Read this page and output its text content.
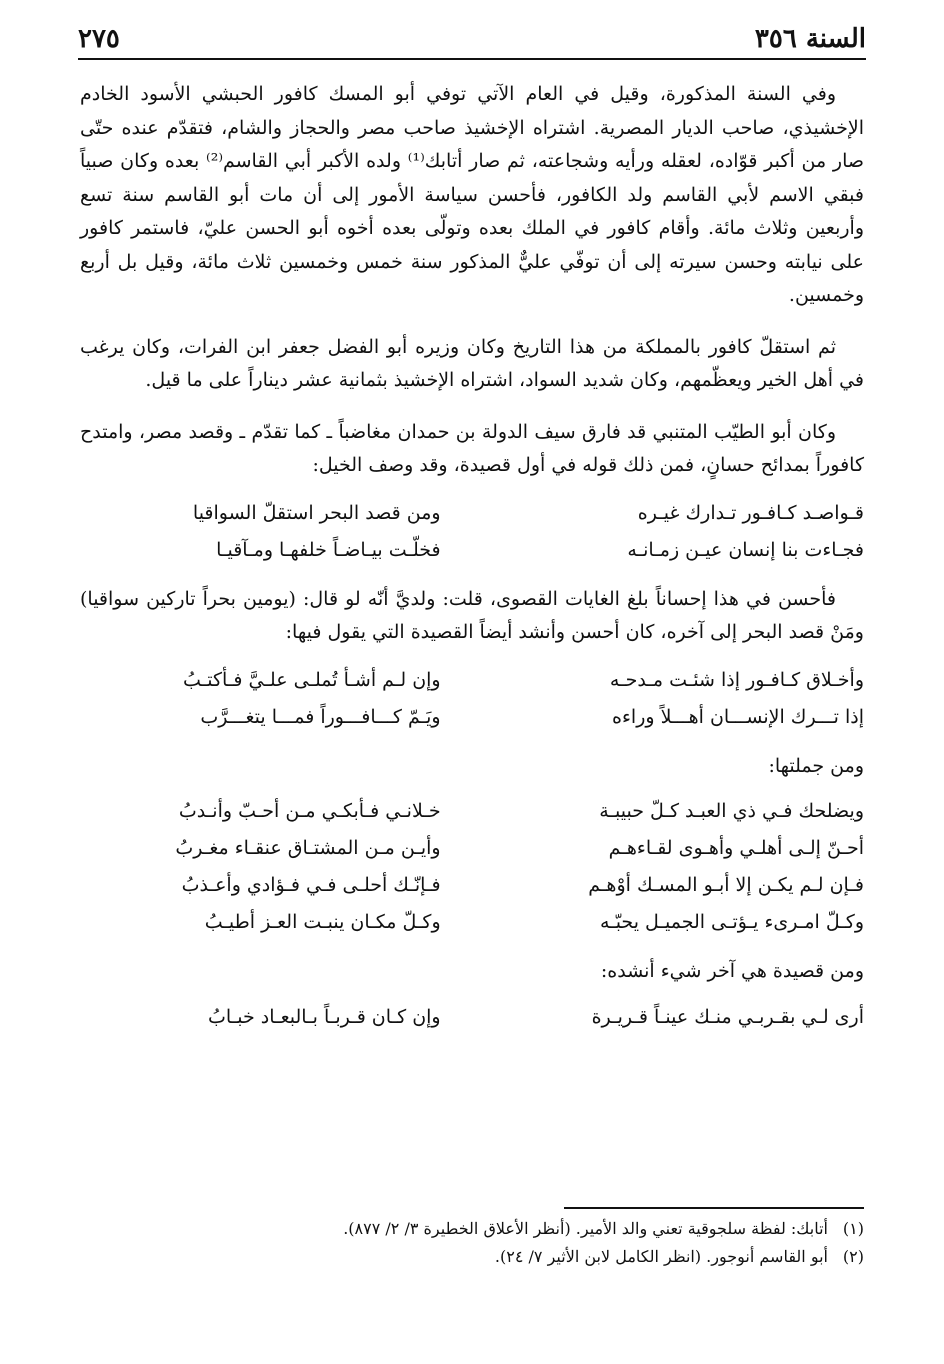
السنة ٣٥٦
٢٧٥

وفي السنة المذكورة، وقيل في العام الآتي توفي أبو المسك كافور الحبشي الأسود الخادم الإخشيذي، صاحب الديار المصرية. اشتراه الإخشيذ صاحب مصر والحجاز والشام، فتقدّم عنده حتّى صار من أكبر قوّاده، لعقله ورأيه وشجاعته، ثم صار أتابك⁽¹⁾ ولده الأكبر أبي القاسم⁽²⁾ بعده وكان صبياً فبقي الاسم لأبي القاسم ولد الكافور، فأحسن سياسة الأمور إلى أن مات أبو القاسم سنة تسع وأربعين وثلاث مائة. وأقام كافور في الملك بعده وتولّى بعده أخوه أبو الحسن عليّ، فاستمر كافور على نيابته وحسن سيرته إلى أن توفّي عليٌّ المذكور سنة خمس وخمسين ثلاث مائة، وقيل بل أربع وخمسين.

ثم استقلّ كافور بالمملكة من هذا التاريخ وكان وزيره أبو الفضل جعفر ابن الفرات، وكان يرغب في أهل الخير ويعظّمهم، وكان شديد السواد، اشتراه الإخشيذ بثمانية عشر ديناراً على ما قيل.

وكان أبو الطيّب المتنبي قد فارق سيف الدولة بن حمدان مغاضباً ـ كما تقدّم ـ وقصد مصر، وامتدح كافوراً بمدائح حسانٍ، فمن ذلك قوله في أول قصيدة، وقد وصف الخيل:

قـواصـد كـافـور تـدارك غيـره
ومن قصد البحر استقلّ السواقيا
فجـاءت بنا إنسان عيـن زمـانـه
فخلّـت بيـاضـاً خلفهـا ومـآقيـا

فأحسن في هذا إحساناً بلغ الغايات القصوى، قلت: ولديَّ أنّه لو قال: (يومين بحراً تاركين سواقيا) ومَنْ قصد البحر إلى آخره، كان أحسن وأنشد أيضاً القصيدة التي يقول فيها:

وأخـلاق كـافـور إذا شئـت مـدحـه
وإن لـم أشـأ تُملـى علـيَّ فـأكتـبُ
إذا تـــرك الإنســـان أهـــلاً وراءه
ويَـمّ كـــافـــوراً فمـــا يتغـــرَّب

ومن جملتها:

ويضلحك فـي ذي العبـد كـلّ حبيبـة
خـلانـي فـأبكـي مـن أحـبّ وأنـدبُ
أحـنّ إلـى أهلـي وأهـوى لقـاءهـم
وأيـن مـن المشتـاق عنقـاء مغـربُ
فـإن لـم يكـن إلا أبـو المسـك أوْهـم
فـإنّـك أحلـى فـي فـؤادي وأعـذبُ
وكـلّ امـرىء يـؤتـى الجميـل يحبّـه
وكـلّ مكـان ينبـت العـز أطيـبُ

ومن قصيدة هي آخر شيء أنشده:

أرى لـي بقـربـي منـك عينـاً قـريـرة
وإن كـان قـربـاً بـالبعـاد خبـابُ
(١)
أتابك: لفظة سلجوقية تعني والد الأمير. (أنظر الأعلاق الخطيرة ٣/ ٢/ ٨٧٧).
(٢)
أبو القاسم أنوجور. (انظر الكامل لابن الأثير ٧/ ٢٤).
